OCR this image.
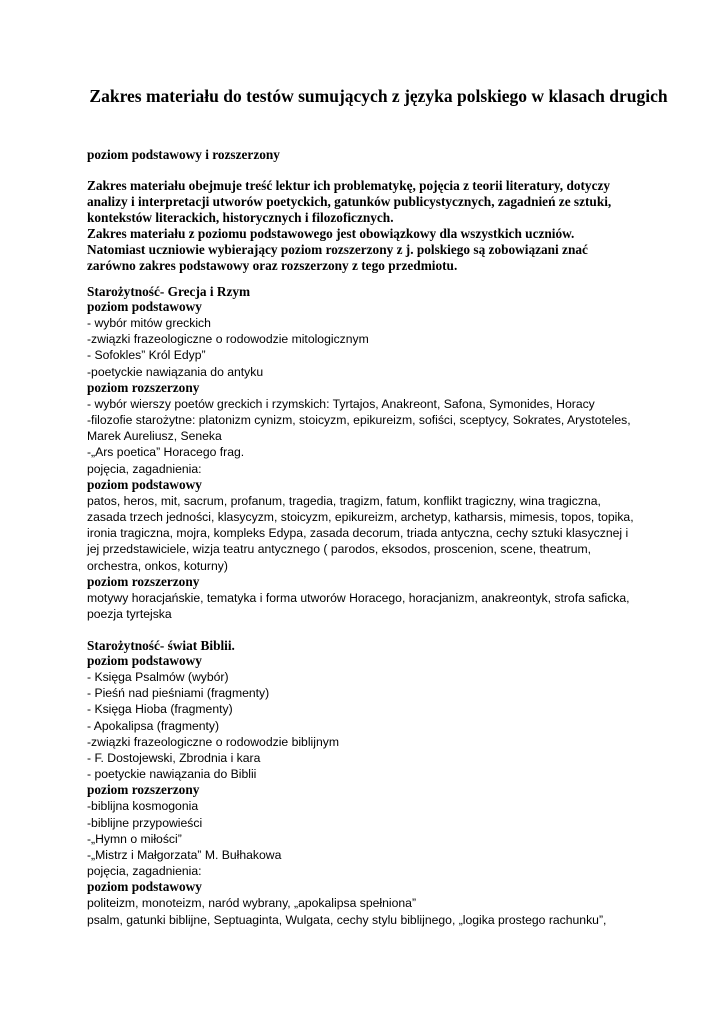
Zakres materiału do testów sumujących z języka polskiego w klasach drugich
poziom podstawowy i rozszerzony
Zakres materiału obejmuje treść lektur ich problematykę, pojęcia z teorii literatury, dotyczy
analizy i interpretacji utworów poetyckich, gatunków publicystycznych, zagadnień ze sztuki,
kontekstów literackich, historycznych i filozoficznych.
Zakres materiału z poziomu podstawowego jest obowiązkowy dla wszystkich uczniów.
Natomiast uczniowie wybierający poziom rozszerzony z j. polskiego są zobowiązani znać
zarówno zakres podstawowy oraz rozszerzony z tego przedmiotu.
Starożytność- Grecja i Rzym
poziom podstawowy
- wybór mitów greckich
-związki frazeologiczne o rodowodzie mitologicznym
- Sofokles” Król Edyp”
-poetyckie nawiązania do antyku
poziom rozszerzony
- wybór wierszy poetów greckich i rzymskich: Tyrtajos, Anakreont, Safona, Symonides, Horacy
-filozofie starożytne: platonizm cynizm, stoicyzm, epikureizm, sofiści, sceptycy, Sokrates, Arystoteles,
Marek Aureliusz, Seneka
-„Ars poetica” Horacego frag.
pojęcia, zagadnienia:
poziom podstawowy
patos, heros, mit, sacrum, profanum, tragedia, tragizm, fatum, konflikt tragiczny, wina tragiczna,
zasada trzech jedności, klasycyzm, stoicyzm, epikureizm, archetyp, katharsis, mimesis, topos, topika,
ironia tragiczna, mojra, kompleks Edypa, zasada decorum, triada antyczna, cechy sztuki klasycznej i
jej przedstawiciele, wizja teatru antycznego ( parodos, eksodos, proscenion, scene, theatrum,
orchestra, onkos, koturny)
poziom rozszerzony
motywy horacjańskie, tematyka i forma utworów Horacego, horacjanizm, anakreontyk, strofa saficka,
poezja tyrtejska
Starożytność- świat Biblii.
poziom podstawowy
- Księga Psalmów (wybór)
- Pieśń nad pieśniami (fragmenty)
- Księga Hioba (fragmenty)
- Apokalipsa (fragmenty)
-związki frazeologiczne o rodowodzie biblijnym
- F. Dostojewski, Zbrodnia i kara
- poetyckie nawiązania do Biblii
poziom rozszerzony
-biblijna kosmogonia
-biblijne przypowieści
-„Hymn o miłości”
-„Mistrz i Małgorzata” M. Bułhakowa
pojęcia, zagadnienia:
poziom podstawowy
politeizm, monoteizm, naród wybrany, „apokalipsa spełniona”
psalm, gatunki biblijne, Septuaginta, Wulgata, cechy stylu biblijnego, „logika prostego rachunku”,
